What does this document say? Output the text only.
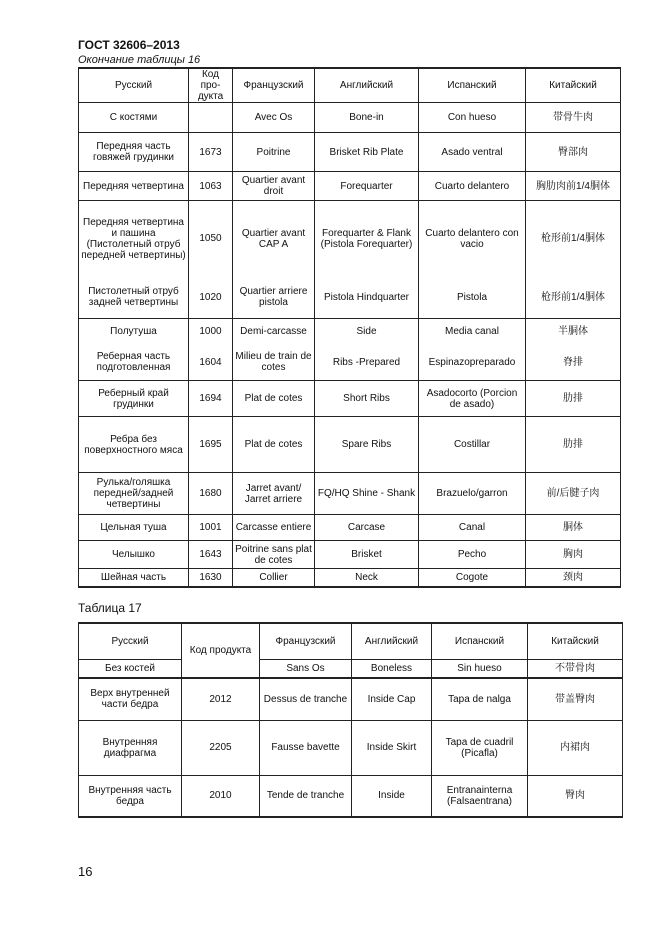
ГОСТ 32606–2013
Окончание таблицы 16
Русский	Код про-дукта	Французский	Английский	Испанский	Китайский
С костями		Avec Os	Bone-in	Con hueso	带骨牛肉
Передняя часть говяжей грудинки	1673	Poitrine	Brisket Rib Plate	Asado ventral	臀部肉
Передняя четвертина	1063	Quartier avant droit	Forequarter	Cuarto delantero	胸肋肉前1/4胴体
Передняя четвертина и пашина (Пистолетный отруб передней четвертины)	1050	Quartier avant CAP A	Forequarter & Flank (Pistola Forequarter)	Cuarto delantero con vacio	枪形前1/4胴体
Пистолетный отруб задней четвертины	1020	Quartier arriere pistola	Pistola Hindquarter	Pistola	枪形前1/4胴体
Полутуша	1000	Demi-carcasse	Side	Media canal	半胴体
Реберная часть подготовленная	1604	Milieu de train de cotes	Ribs -Prepared	Espinazopreparado	脊排
Реберный край грудинки	1694	Plat de cotes	Short Ribs	Asadocorto (Porcion de asado)	肋排
Ребра без поверхностного мяса	1695	Plat de cotes	Spare Ribs	Costillar	肋排
Рулька/голяшка передней/задней четвертины	1680	Jarret avant/ Jarret arriere	FQ/HQ Shine - Shank	Brazuelo/garron	前/后腱子肉
Цельная туша	1001	Carcasse entiere	Carcase	Canal	胴体
Челышко	1643	Poitrine sans plat de cotes	Brisket	Pecho	胸肉
Шейная часть	1630	Collier	Neck	Cogote	颈肉
Таблица 17
Русский	Код продукта	Французский	Английский	Испанский	Китайский
Без костей		Sans Os	Boneless	Sin hueso	不带骨肉
Верх внутренней части бедра	2012	Dessus de tranche	Inside Cap	Tapa de nalga	带盖臀肉
Внутренняя диафрагма	2205	Fausse bavette	Inside Skirt	Tapa de cuadril (Picafla)	内裙肉
Внутренняя часть бедра	2010	Tende de tranche	Inside	Entranainterna (Falsaentrana)	臀肉
16
